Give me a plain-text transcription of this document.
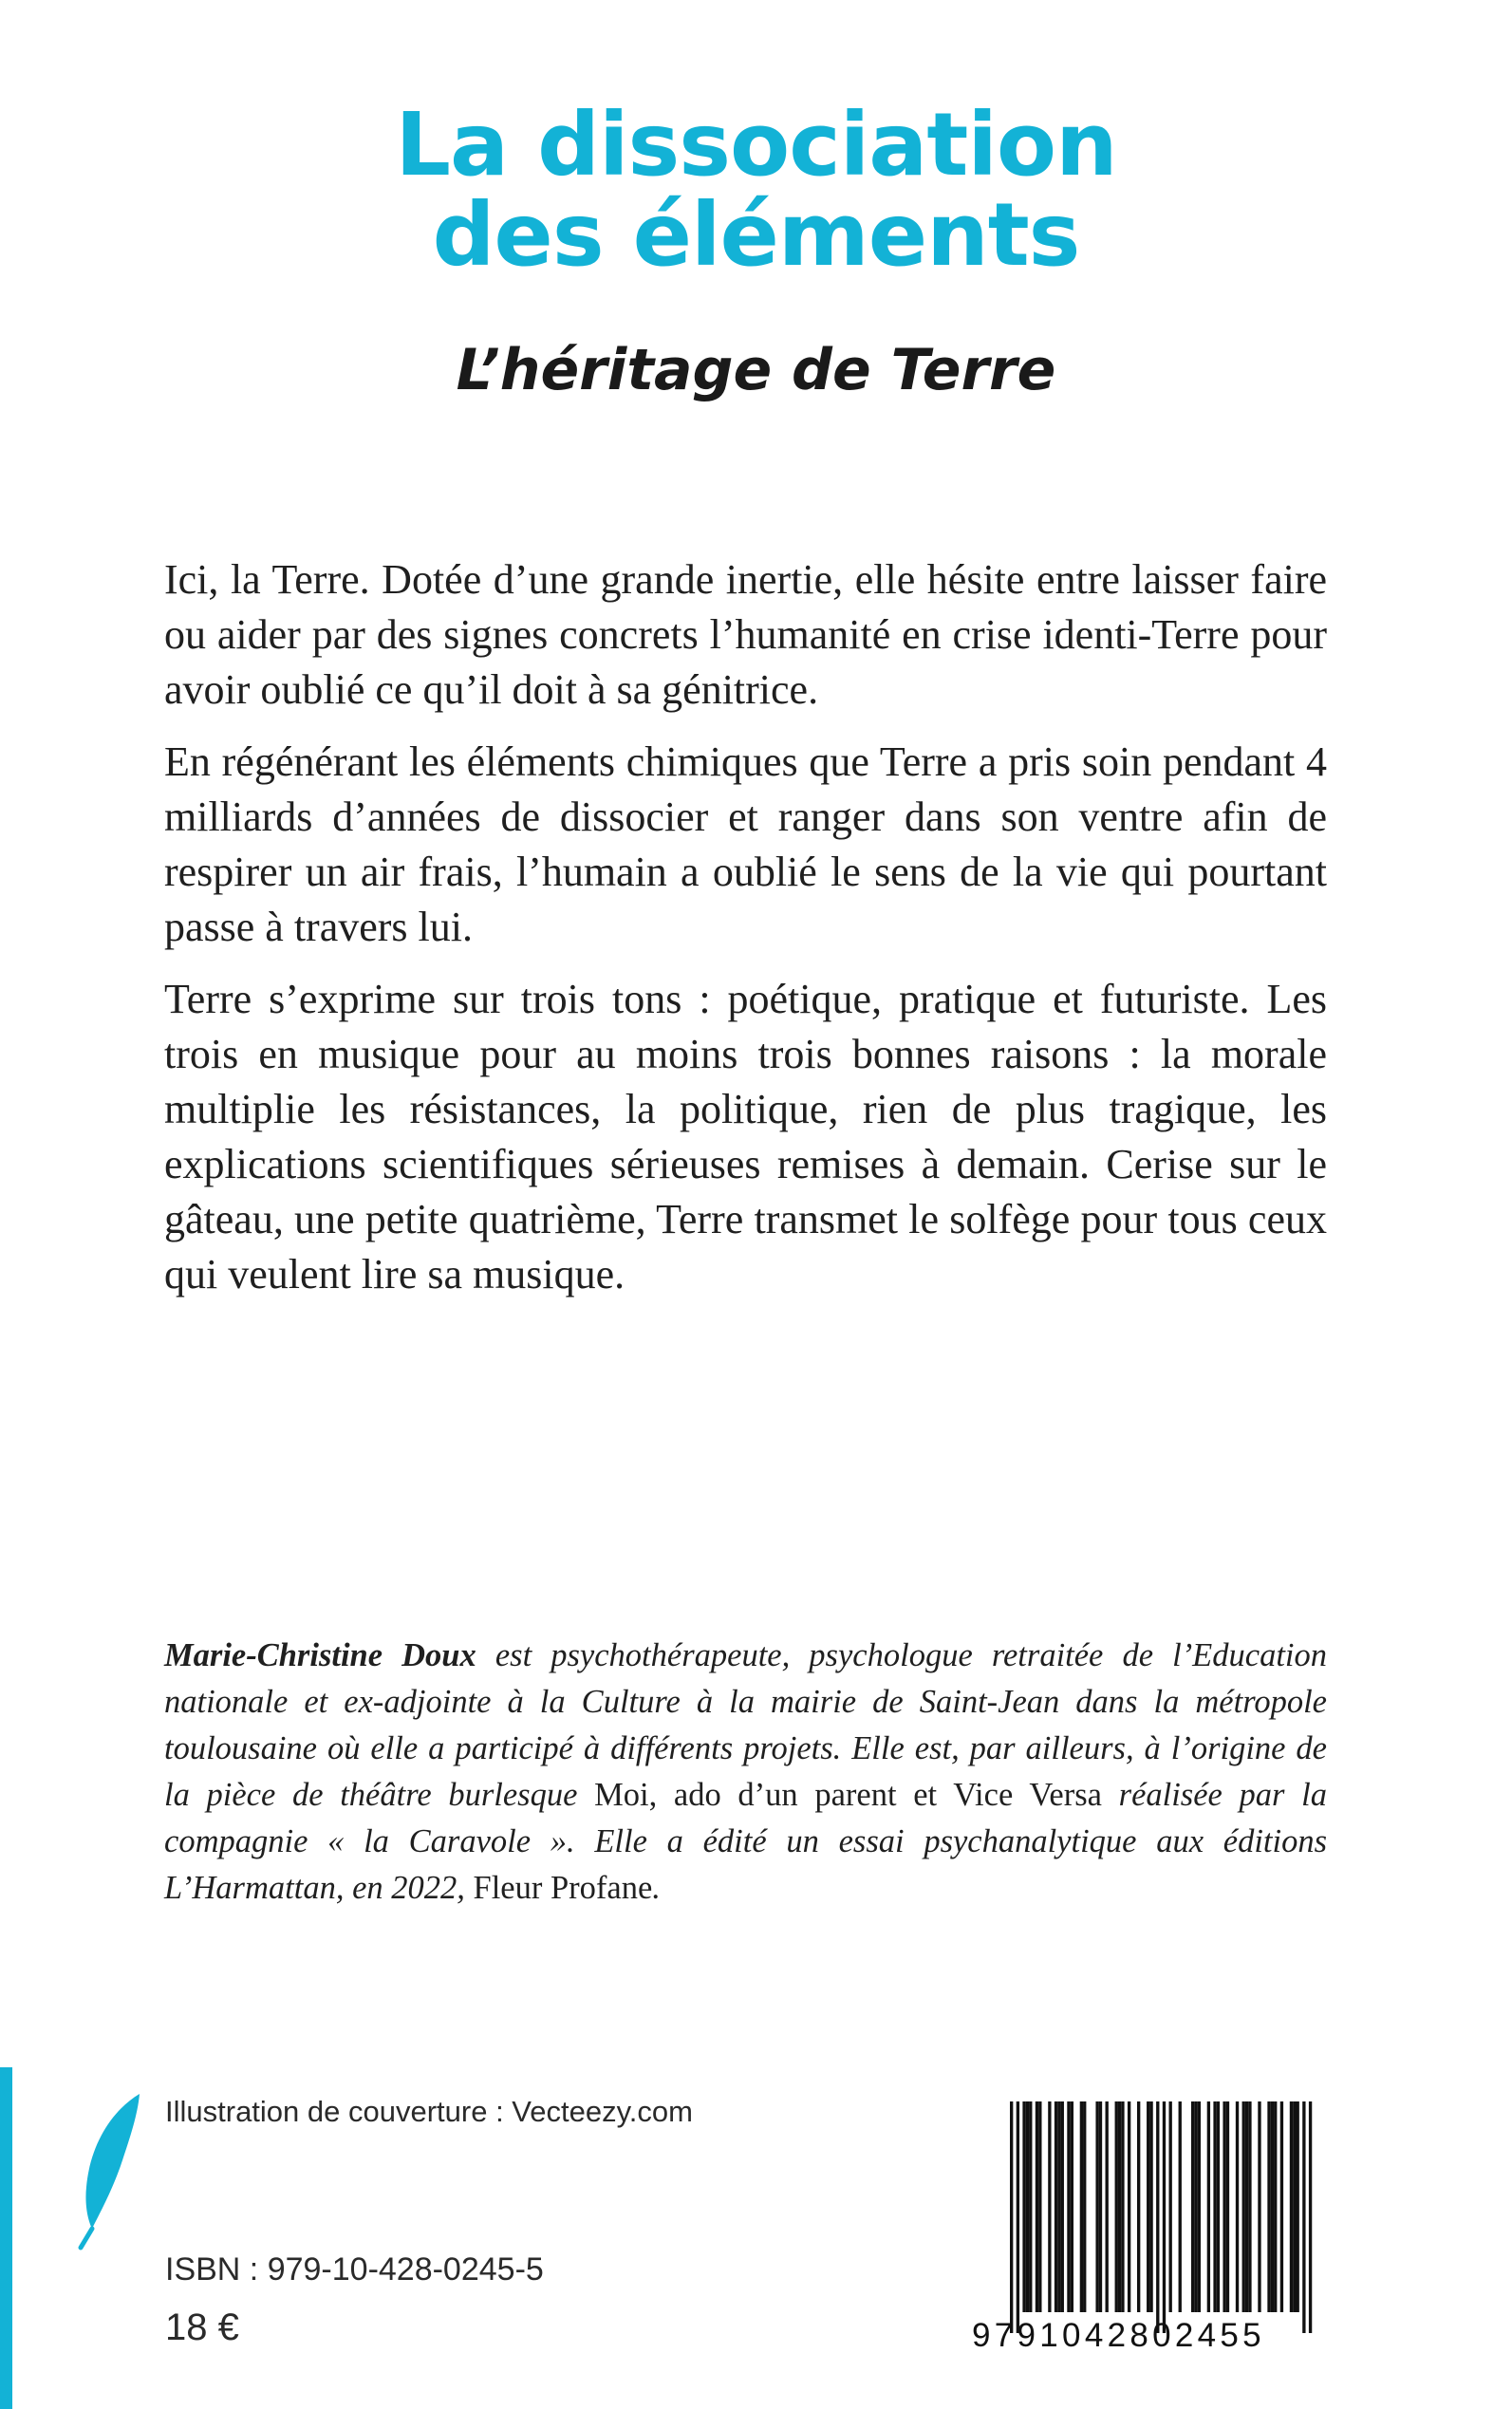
La dissociation
des éléments
L’héritage de Terre

Ici, la Terre. Dotée d’une grande inertie, elle hésite entre laisser faire ou aider par des signes concrets l’humanité en crise identi-Terre pour avoir oublié ce qu’il doit à sa génitrice.

En régénérant les éléments chimiques que Terre a pris soin pendant 4 milliards d’années de dissocier et ranger dans son ventre afin de respirer un air frais, l’humain a oublié le sens de la vie qui pourtant passe à travers lui.

Terre s’exprime sur trois tons : poétique, pratique et futuriste. Les trois en musique pour au moins trois bonnes raisons : la morale multiplie les résistances, la politique, rien de plus tragique, les explications scientifiques sérieuses remises à demain. Cerise sur le gâteau, une petite quatrième, Terre transmet le solfège pour tous ceux qui veulent lire sa musique.

Marie-Christine Doux est psychothérapeute, psychologue retraitée de l’Education nationale et ex-adjointe à la Culture à la mairie de Saint-Jean dans la métropole toulousaine où elle a participé à différents projets. Elle est, par ailleurs, à l’origine de la pièce de théâtre burlesque Moi, ado d’un parent et Vice Versa réalisée par la compagnie « la Caravole ». Elle a édité un essai psychanalytique aux éditions L’Harmattan, en 2022, Fleur Profane.

Illustration de couverture : Vecteezy.com
ISBN : 979-10-428-0245-5
18 €	9791042802455
